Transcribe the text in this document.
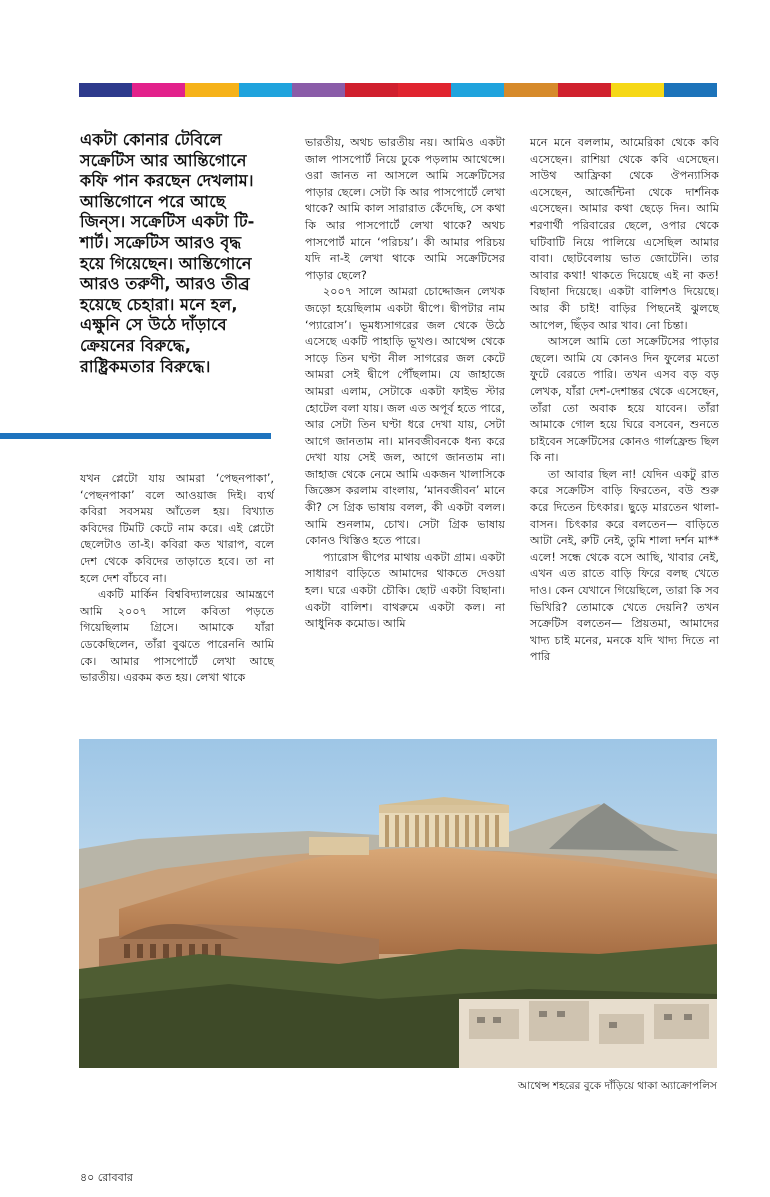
একটা কোনার টেবিলে সক্রেটিস আর আন্তিগোনে কফি পান করছেন দেখলাম। আন্তিগোনে পরে আছে জিন্‌স। সক্রেটিস একটা টি-শার্ট। সক্রেটিস আরও বৃদ্ধ হয়ে গিয়েছেন। আন্তিগোনে আরও তরুণী, আরও তীব্র হয়েছে চেহারা। মনে হল, এক্ষুনি সে উঠে দাঁড়াবে ক্রেয়নের বিরুদ্ধে, রাষ্ট্রিকমতার বিরুদ্ধে।

যখন প্লেটো যায় আমরা ‘পেছনপাকা’, ‘পেছনপাকা’ বলে আওয়াজ দিই। ব্যর্থ কবিরা সবসময় আঁতেল হয়। বিখ্যাত কবিদের টিমটি কেটে নাম করে। এই প্লেটো ছেলেটাও তা-ই। কবিরা কত খারাপ, বলে দেশ থেকে কবিদের তাড়াতে হবে। তা না হলে দেশ বাঁচবে না।

একটি মার্কিন বিশ্ববিদ্যালয়ের আমন্ত্রণে আমি ২০০৭ সালে কবিতা পড়তে গিয়েছিলাম গ্রিসে। আমাকে যাঁরা ডেকেছিলেন, তাঁরা বুঝতে পারেননি আমি কে। আমার পাসপোর্টে লেখা আছে ভারতীয়। এরকম কত হয়। লেখা থাকে

ভারতীয়, অথচ ভারতীয় নয়। আমিও একটা জাল পাসপোর্ট নিয়ে ঢুকে পড়লাম আথেন্সে। ওরা জানত না আসলে আমি সক্রেটিসের পাড়ার ছেলে। সেটা কি আর পাসপোর্টে লেখা থাকে? আমি কাল সারারাত কেঁদেছি, সে কথা কি আর পাসপোর্টে লেখা থাকে? অথচ পাসপোর্ট মানে ‘পরিচয়’। কী আমার পরিচয় যদি না-ই লেখা থাকে আমি সক্রেটিসের পাড়ার ছেলে?

২০০৭ সালে আমরা চোদ্দোজন লেখক জড়ো হয়েছিলাম একটা দ্বীপে। দ্বীপটার নাম ‘প্যারোস’। ভূমধ্যসাগরের জল থেকে উঠে এসেছে একটি পাহাড়ি ভূখণ্ড। আথেন্স থেকে সাড়ে তিন ঘণ্টা নীল সাগরের জল কেটে আমরা সেই দ্বীপে পৌঁছলাম। যে জাহাজে আমরা এলাম, সেটাকে একটা ফাইভ স্টার হোটেল বলা যায়। জল এত অপূর্ব হতে পারে, আর সেটা তিন ঘণ্টা ধরে দেখা যায়, সেটা আগে জানতাম না। মানবজীবনকে ধন্য করে দেখা যায় সেই জল, আগে জানতাম না। জাহাজ থেকে নেমে আমি একজন খালাসিকে জিজ্ঞেস করলাম বাংলায়, ‘মানবজীবন’ মানে কী? সে গ্রিক ভাষায় বলল, কী একটা বলল। আমি শুনলাম, চোখ। সেটা গ্রিক ভাষায় কোনও খিস্তিও হতে পারে।

প্যারোস দ্বীপের মাথায় একটা গ্রাম। একটা সাধারণ বাড়িতে আমাদের থাকতে দেওয়া হল। ঘরে একটা চৌকি। ছোট একটা বিছানা। একটা বালিশ। বাথরুমে একটা কল। না আধুনিক কমোড। আমি

মনে মনে বললাম, আমেরিকা থেকে কবি এসেছেন। রাশিয়া থেকে কবি এসেছেন। সাউথ আফ্রিকা থেকে ঔপন্যাসিক এসেছেন, আর্জেন্টিনা থেকে দার্শনিক এসেছেন। আমার কথা ছেড়ে দিন। আমি শরণার্থী পরিবারের ছেলে, ওপার থেকে ঘটিবাটি নিয়ে পালিয়ে এসেছিল আমার বাবা। ছোটবেলায় ভাত জোটেনি। তার আবার কথা! থাকতে দিয়েছে এই না কত! বিছানা দিয়েছে। একটা বালিশও দিয়েছে। আর কী চাই! বাড়ির পিছনেই ঝুলছে আপেল, ছিঁড়ব আর খাব। নো চিন্তা।

আসলে আমি তো সক্রেটিসের পাড়ার ছেলে। আমি যে কোনও দিন ফুলের মতো ফুটে বেরতে পারি। তখন এসব বড় বড় লেখক, যাঁরা দেশ-দেশান্তর থেকে এসেছেন, তাঁরা তো অবাক হয়ে যাবেন। তাঁরা আমাকে গোল হয়ে ঘিরে বসবেন, শুনতে চাইবেন সক্রেটিসের কোনও গার্লফ্রেন্ড ছিল কি না।

তা আবার ছিল না! যেদিন একটু রাত করে সক্রেটিস বাড়ি ফিরতেন, বউ শুরু করে দিতেন চিৎকার। ছুড়ে মারতেন থালা-বাসন। চিৎকার করে বলতেন— বাড়িতে আটা নেই, রুটি নেই, তুমি শালা দর্শন মা** এলে! সন্ধে থেকে বসে আছি, খাবার নেই, এখন এত রাতে বাড়ি ফিরে বলছ খেতে দাও। কেন যেখানে গিয়েছিলে, তারা কি সব ভিখিরি? তোমাকে খেতে দেয়নি? তখন সক্রেটিস বলতেন— প্রিয়তমা, আমাদের খাদ্য চাই মনের, মনকে যদি খাদ্য দিতে না পারি

আথেন্স শহরের বুকে দাঁড়িয়ে থাকা অ্যাক্রোপলিস
৪০ রোববার
